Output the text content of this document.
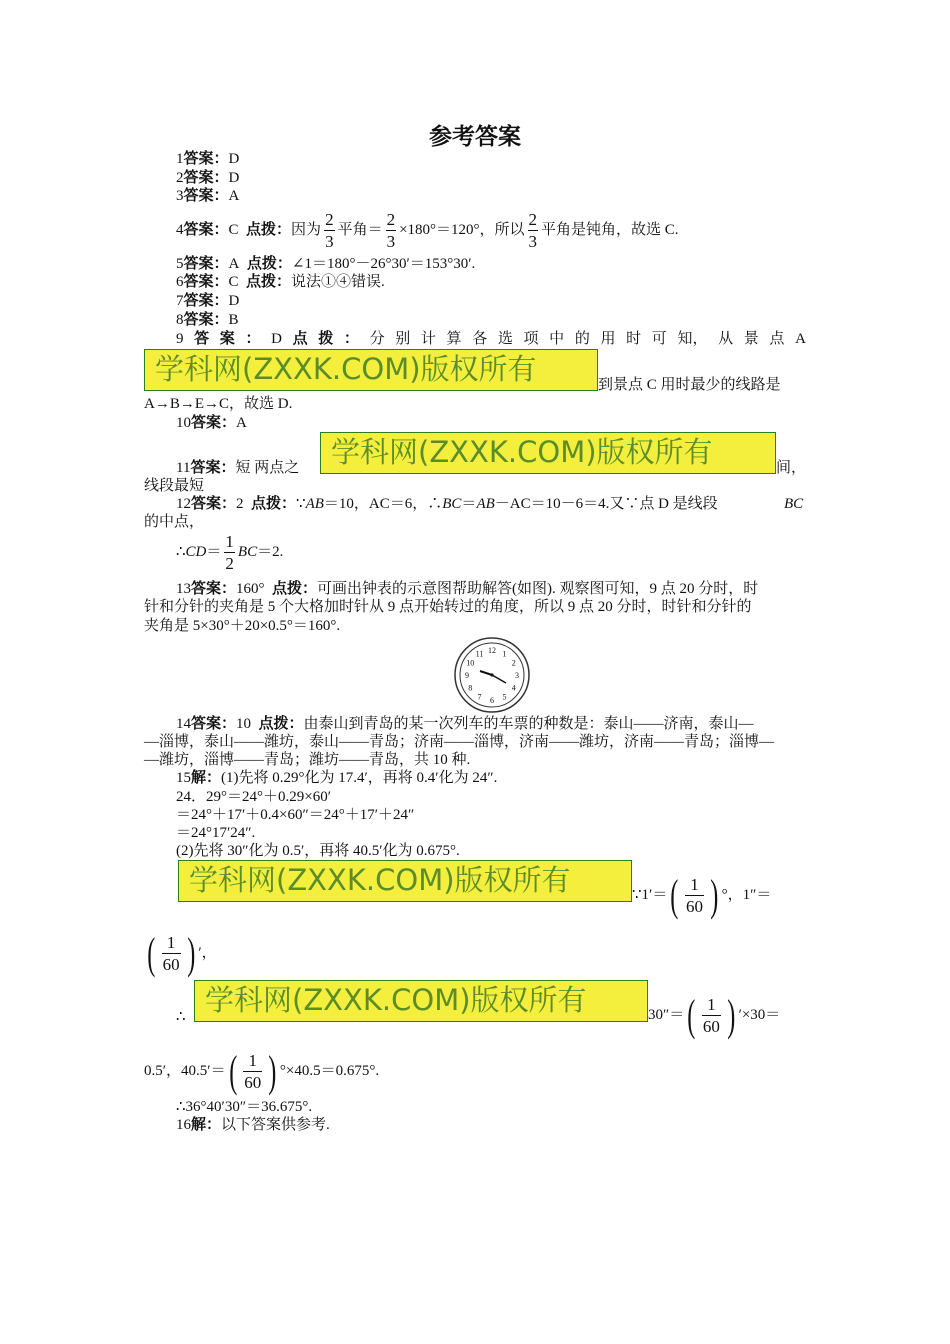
参考答案
1答案：D
2答案：D
3答案：A
4答案：C 点拨：因为 $\frac{2}{3}$ 平角＝ $\frac{2}{3} \times 180^\circ=120^\circ$，所以 $\frac{2}{3}$ 平角是钝角，故选 C.
5答案：A 点拨：∠1＝180°－26°30′＝153°30′.
6答案：C 点拨：说法①④错误.
7答案：D
8答案：B
9 答 案 ： D 点 拨 ： 分 别 计 算 各 选 项 中 的 用 时 可 知， 从 景 点 A
学科网(ZXXK.COM)版权所有	到景点 C 用时最少的线路是
A→B→E→C，故选 D.
10答案：A
学科网(ZXXK.COM)版权所有
11答案：短 两点之	间，
线段最短
12答案：2 点拨：∵AB＝10，AC＝6，∴BC＝AB－AC＝10－6＝4.又∵点 D 是线段	BC
的中点，
∴CD＝ $\frac{1}{2} BC=2$.
13答案：160° 点拨：可画出钟表的示意图帮助解答(如图). 观察图可知，9 点 20 分时，时
针和分针的夹角是 5 个大格加时针从 9 点开始转过的角度，所以 9 点 20 分时，时针和分针的
夹角是 5×30°＋20×0.5°＝160°.
12 1
2
3
4
5
6
7
8
9
10
11
14答案：10 点拨：由泰山到青岛的某一次列车的车票的种数是：泰山——济南，泰山—
—淄博，泰山——潍坊，泰山——青岛；济南——淄博，济南——潍坊，济南——青岛；淄博—
—潍坊，淄博——青岛；潍坊——青岛，共 10 种.
15解：(1)先将 0.29°化为 17.4′，再将 0.4′化为 24″.
24．29°＝24°＋0.29×60′
＝24°＋17′＋0.4×60″＝24°＋17′＋24″
＝24°17′24″.
(2)先将 30″化为 0.5′，再将 40.5′化为 0.675°.
学科网(ZXXK.COM)版权所有	∵1′＝ ( $\frac{1}{60}$ ) °，1″＝
( $\frac{1}{60}$ ) ′，
∴ 学科网(ZXXK.COM)版权所有	30″＝ ( $\frac{1}{60}$ ) ′×30＝
0.5′，40.5′＝ ( $\frac{1}{60}$ ) °×40.5＝0.675°.
∴36°40′30″＝36.675°.
16解：以下答案供参考.
